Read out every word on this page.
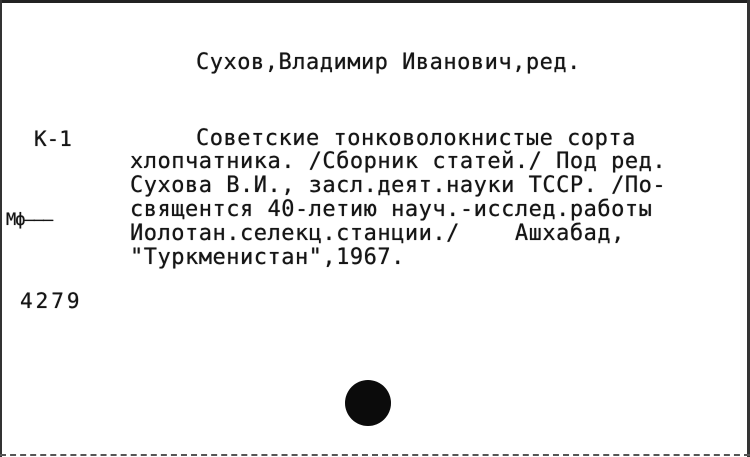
Сухов,Владимир Иванович,ред.

К-1

Мф–––

4279

Советские тонковолокнистые сорта

хлопчатника. /Сборник статей./ Под ред.

Сухова В.И., засл.деят.науки ТССР. /По-

священтся 40-летию науч.-исслед.работы

Иолотан.селекц.станции./    Ашхабад,

"Туркменистан",1967.
